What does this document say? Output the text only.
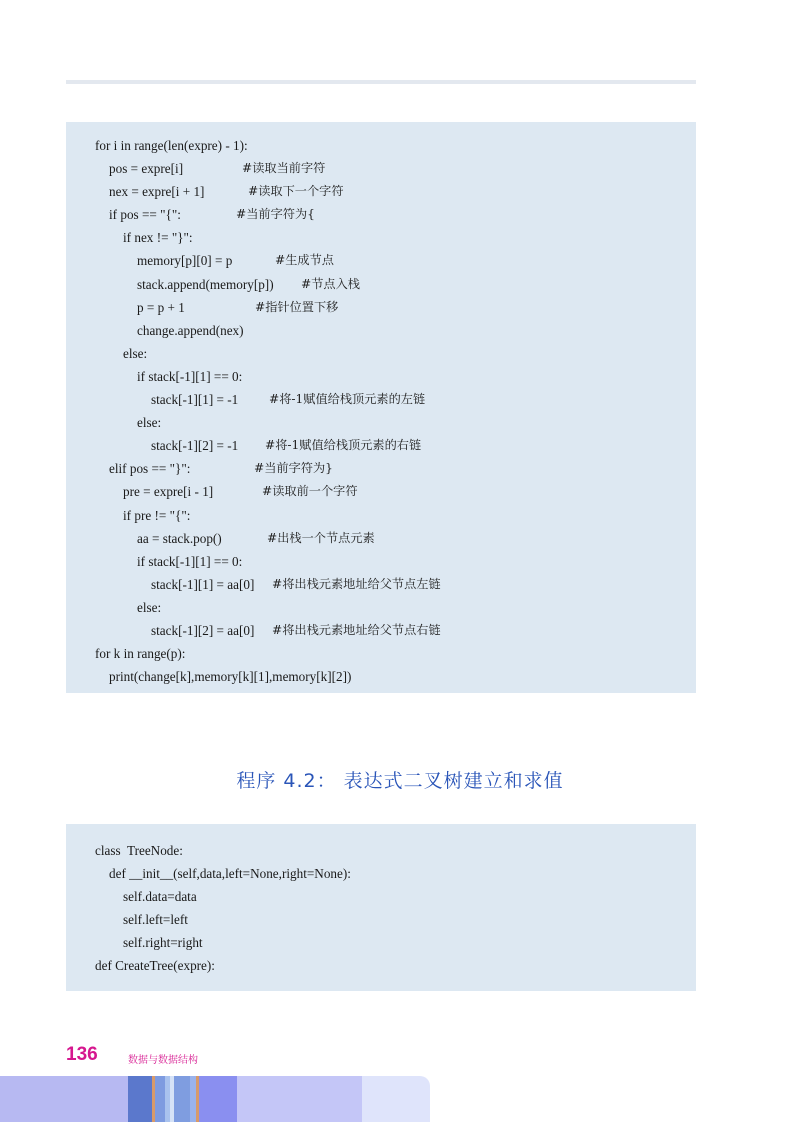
for i in range(len(expre) - 1):
pos = expre[i]	#读取当前字符
nex = expre[i + 1]	#读取下一个字符
if pos == "{":	#当前字符为{
if nex != "}":
memory[p][0] = p	#生成节点
stack.append(memory[p]) #节点入栈
p = p + 1	#指针位置下移
change.append(nex)
else:
if stack[-1][1] == 0:
stack[-1][1] = -1	#将-1赋值给栈顶元素的左链
else:
stack[-1][2] = -1 #将-1赋值给栈顶元素的右链
elif pos == "}":	#当前字符为}
pre = expre[i - 1]	#读取前一个字符
if pre != "{":
aa = stack.pop()	#出栈一个节点元素
if stack[-1][1] == 0:
stack[-1][1] = aa[0] #将出栈元素地址给父节点左链
else:
stack[-1][2] = aa[0] #将出栈元素地址给父节点右链
for k in range(p):
print(change[k],memory[k][1],memory[k][2])
程序 4.2： 表达式二叉树建立和求值
class  TreeNode:
def __init__(self,data,left=None,right=None):
self.data=data
self.left=left
self.right=right
def CreateTree(expre):
136	数据与数据结构
